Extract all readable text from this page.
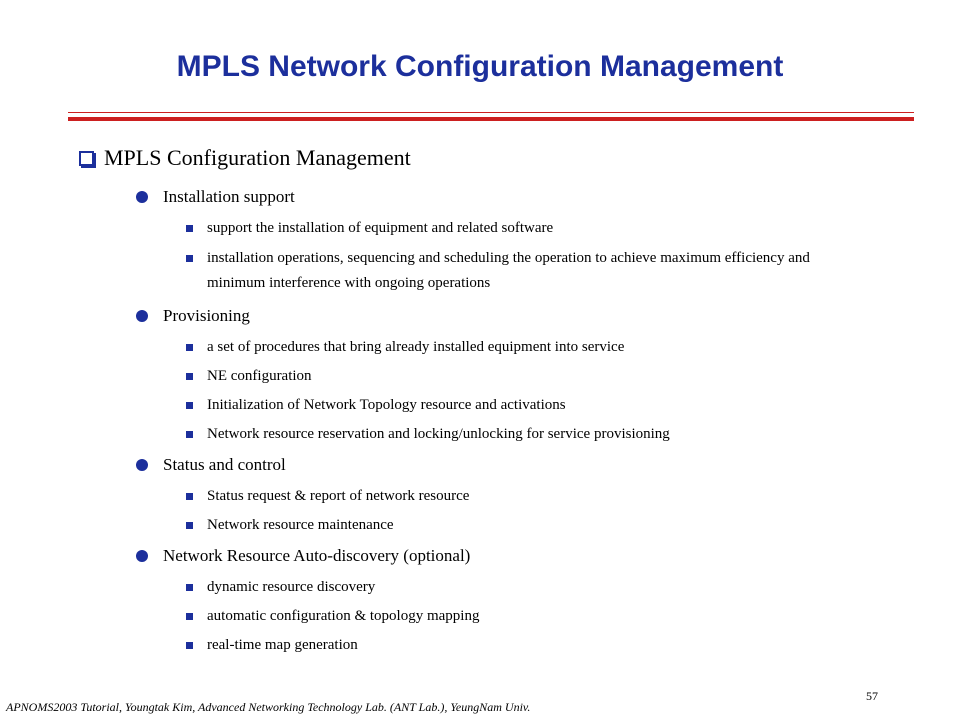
MPLS Network Configuration Management
MPLS Configuration Management
Installation support
support the installation of equipment and related software
installation operations, sequencing and scheduling the operation to achieve maximum efficiency and minimum interference with ongoing operations
Provisioning
a set of procedures that bring already installed equipment into service
NE configuration
Initialization of Network Topology resource and activations
Network resource reservation and locking/unlocking for service provisioning
Status and control
Status request & report of network resource
Network resource maintenance
Network Resource Auto-discovery (optional)
dynamic resource discovery
automatic configuration & topology mapping
real-time map generation
APNOMS2003 Tutorial, Youngtak Kim, Advanced Networking Technology Lab. (ANT Lab.), YeungNam Univ.
57
